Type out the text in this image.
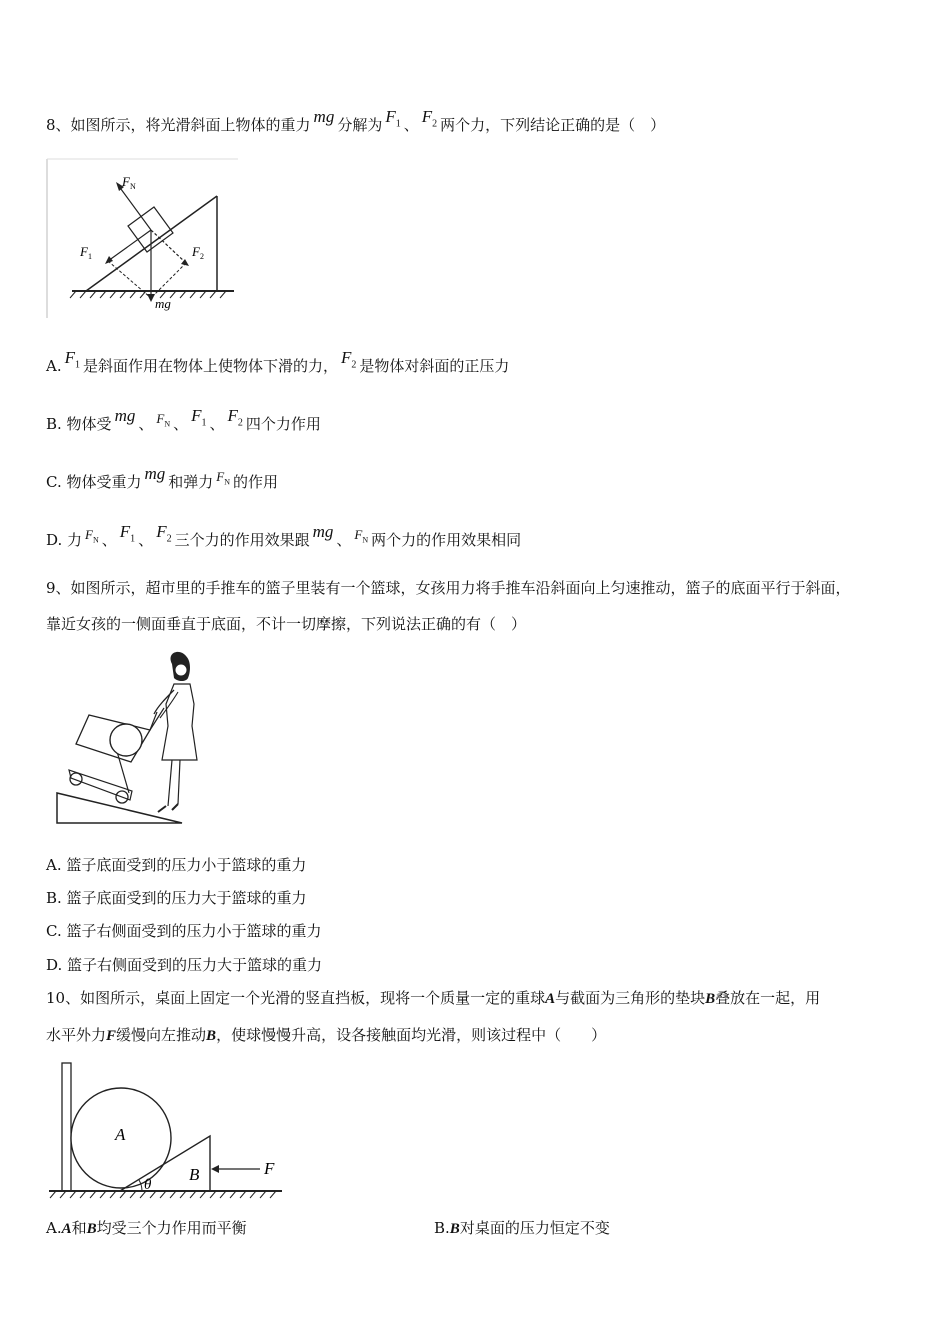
8、如图所示，将光滑斜面上物体的重力 mg 分解为 $F_1$ 、 $F_2$ 两个力，下列结论正确的是（　）
$F_N$
$F_1$	$F_2$
mg
A. $F_1$ 是斜面作用在物体上使物体下滑的力， $F_2$ 是物体对斜面的正压力
B. 物体受 mg 、 $F_N$ 、 $F_1$ 、 $F_2$ 四个力作用
C. 物体受重力 mg 和弹力 $F_N$ 的作用
D. 力 $F_N$ 、 $F_1$ 、 $F_2$ 三个力的作用效果跟 mg 、 $F_N$ 两个力的作用效果相同
9、如图所示，超市里的手推车的篮子里装有一个篮球，女孩用力将手推车沿斜面向上匀速推动，篮子的底面平行于斜面，
靠近女孩的一侧面垂直于底面，不计一切摩擦，下列说法正确的有（　）
A. 篮子底面受到的压力小于篮球的重力
B. 篮子底面受到的压力大于篮球的重力
C. 篮子右侧面受到的压力小于篮球的重力
D. 篮子右侧面受到的压力大于篮球的重力
10、如图所示，桌面上固定一个光滑的竖直挡板，现将一个质量一定的重球A与截面为三角形的垫块B叠放在一起，用
水平外力F缓慢向左推动B，使球慢慢升高，设各接触面均光滑，则该过程中（　　）
A
B	F
θ
A.A和B均受三个力作用而平衡	B.B对桌面的压力恒定不变
